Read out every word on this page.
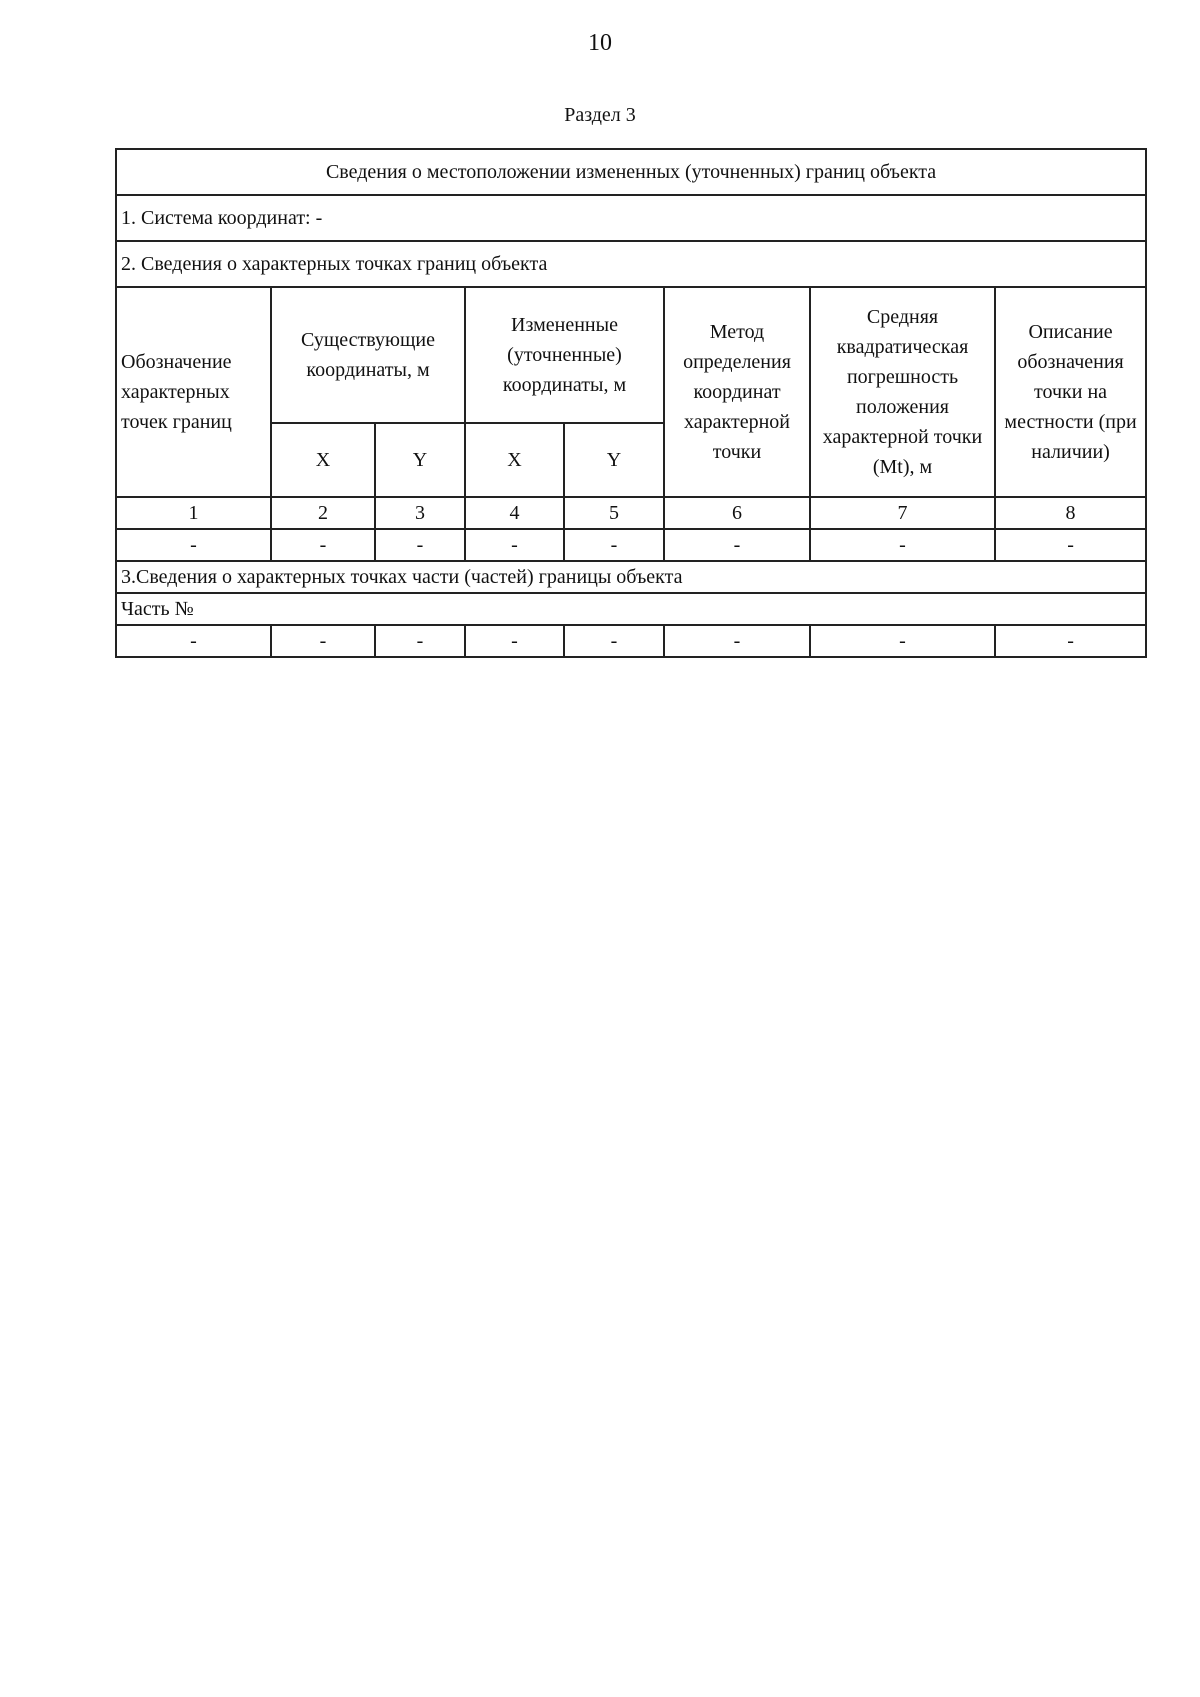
10
Раздел 3
Сведения о местоположении измененных (уточненных) границ объекта							
1. Система координат: -							
2. Сведения о характерных точках границ объекта							
Обозначение характерных точек границ	Существующие координаты, м		Измененные (уточненные) координаты, м		Метод определения координат характерной точки	Средняя квадратическая погрешность положения характерной точки (Mt), м	Описание обозначения точки на местности (при наличии)
	X	Y	X	Y			
1	2	3	4	5	6	7	8
-	-	-	-	-	-	-	-
3.Сведения о характерных точках части (частей) границы объекта							
Часть №							
-	-	-	-	-	-	-	-
